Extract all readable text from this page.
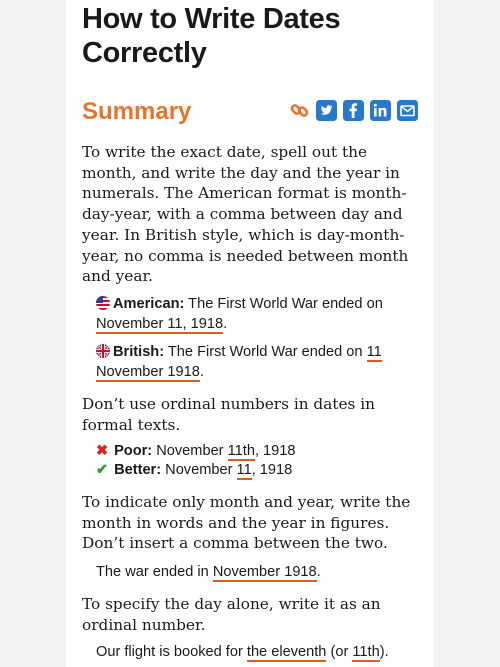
How to Write Dates
Correctly
Summary

To write the exact date, spell out the
month, and write the day and the year in
numerals. The American format is month-
day-year, with a comma between day and
year. In British style, which is day-month-
year, no comma is needed between month
and year.

American: The First World War ended on
November 11, 1918.
British: The First World War ended on 11
November 1918.

Don’t use ordinal numbers in dates in
formal texts.

✖ Poor: November 11th, 1918
✔ Better: November 11, 1918

To indicate only month and year, write the
month in words and the year in figures.
Don’t insert a comma between the two.

The war ended in November 1918.

To specify the day alone, write it as an
ordinal number.

Our flight is booked for the eleventh (or 11th).
